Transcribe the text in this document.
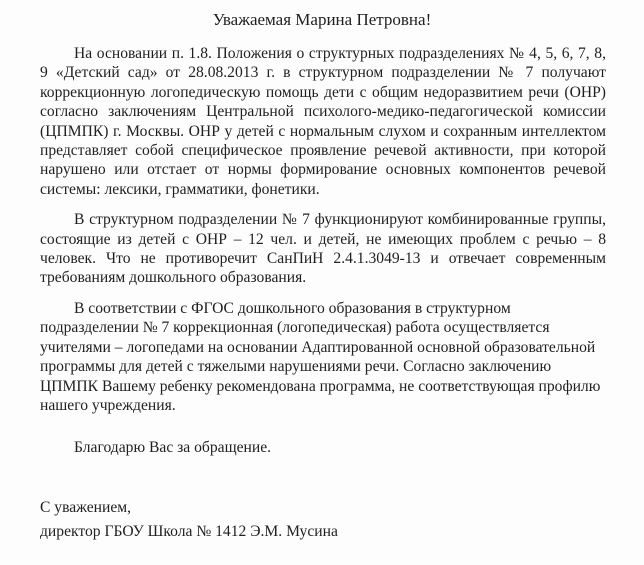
Уважаемая Марина Петровна!

На основании п. 1.8. Положения о структурных подразделениях № 4, 5, 6, 7, 8, 9 «Детский сад» от 28.08.2013 г. в структурном подразделении № 7 получают коррекционную логопедическую помощь дети с общим недоразвитием речи (ОНР) согласно заключениям Центральной психолого-медико-педагогической комиссии (ЦПМПК) г. Москвы. ОНР у детей с нормальным слухом и сохранным интеллектом представляет собой специфическое проявление речевой активности, при которой нарушено или отстает от нормы формирование основных компонентов речевой системы: лексики, грамматики, фонетики.

В структурном подразделении № 7 функционируют комбинированные группы, состоящие из детей с ОНР – 12 чел. и детей, не имеющих проблем с речью – 8 человек. Что не противоречит СанПиН 2.4.1.3049-13 и отвечает современным требованиям дошкольного образования.

В соответствии с ФГОС дошкольного образования в структурном подразделении № 7 коррекционная (логопедическая) работа осуществляется учителями – логопедами на основании Адаптированной основной образовательной программы для детей с тяжелыми нарушениями речи. Согласно заключению ЦПМПК Вашему ребенку рекомендована программа, не соответствующая профилю нашего учреждения.

Благодарю Вас за обращение.
С уважением,
директор ГБОУ Школа № 1412 Э.М. Мусина
